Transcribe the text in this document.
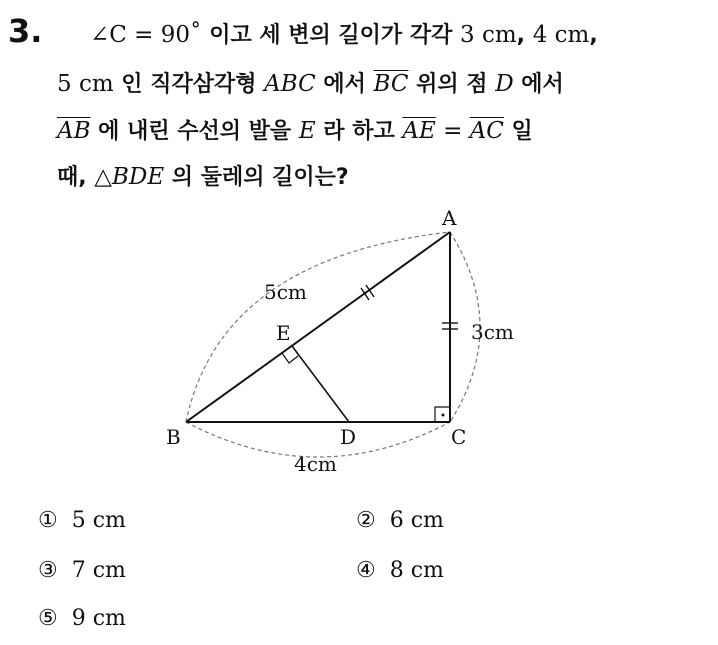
3. ∠C = 90˚ 이고 세 변의 길이가 각각 3 cm, 4 cm,
5 cm 인 직각삼각형 ABC 에서 $\overline{BC}$ 위의 점 D 에서
$\overline{AB}$ 에 내린 수선의 발을 E 라 하고 $\overline{AE} = \overline{AC}$ 일
때, △BDE 의 둘레의 길이는?
A
B	C
D
E
5cm
3cm
4cm
① 5 cm	② 6 cm
③ 7 cm	④ 8 cm
⑤ 9 cm
